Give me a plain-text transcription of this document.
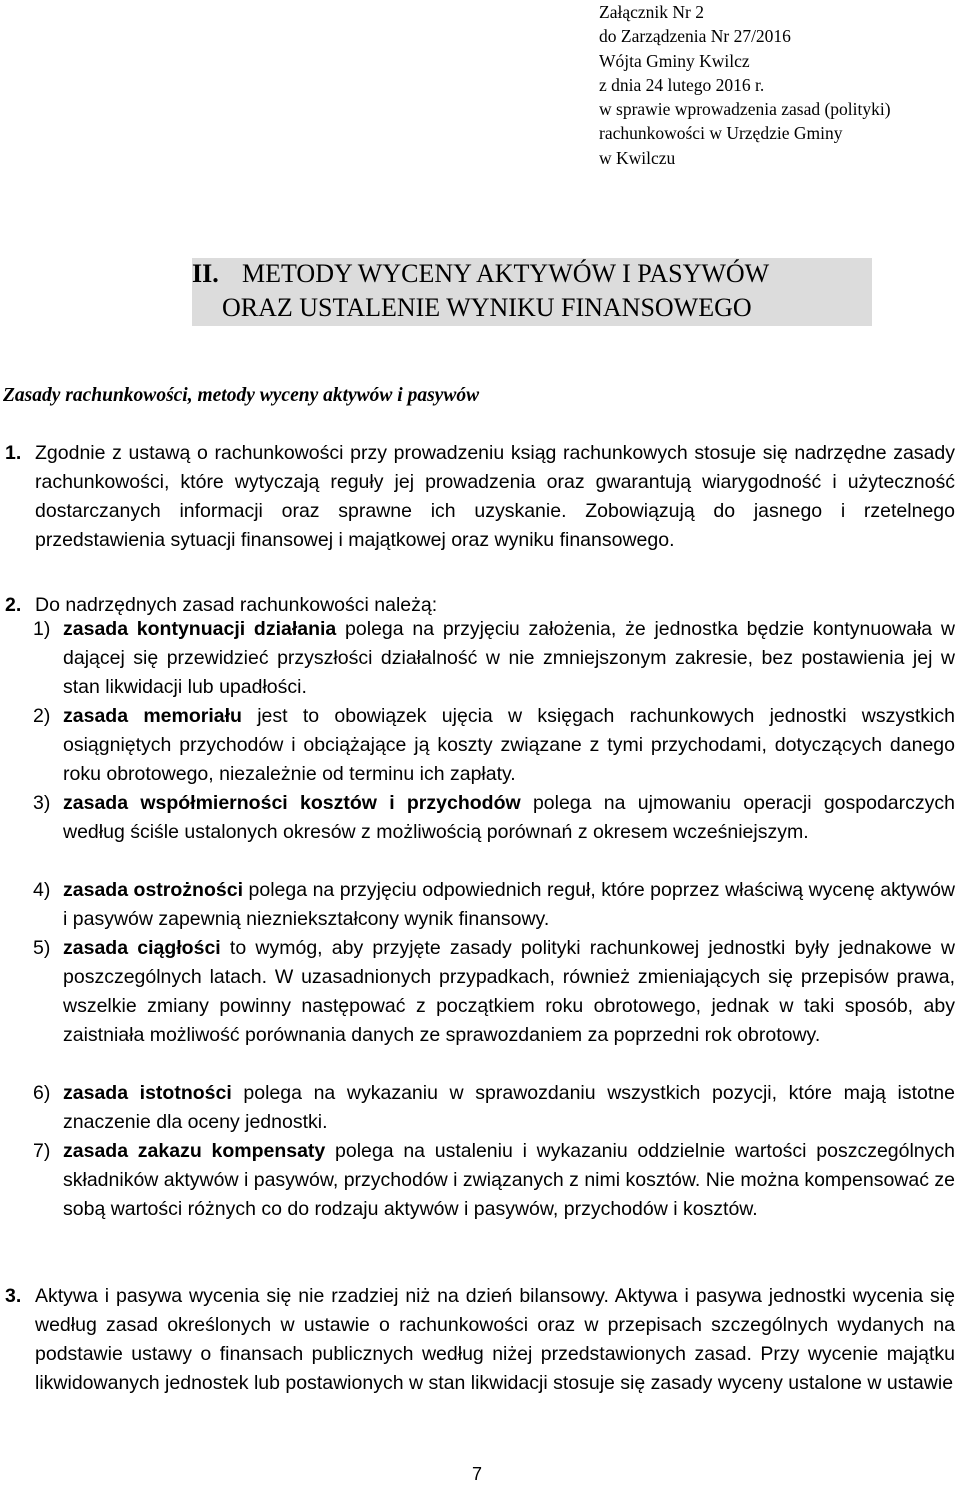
Załącznik Nr 2
do Zarządzenia Nr 27/2016
Wójta Gminy Kwilcz
z dnia 24 lutego 2016 r.
w sprawie wprowadzenia zasad (polityki)
rachunkowości w Urzędzie Gminy
w Kwilczu
II. METODY WYCENY AKTYWÓW I PASYWÓW
ORAZ USTALENIE WYNIKU FINANSOWEGO
Zasady rachunkowości, metody wyceny aktywów i pasywów
1. Zgodnie z ustawą o rachunkowości przy prowadzeniu ksiąg rachunkowych stosuje się nadrzędne zasady rachunkowości, które wytyczają reguły jej prowadzenia oraz gwarantują wiarygodność i użyteczność dostarczanych informacji oraz sprawne ich uzyskanie. Zobowiązują do jasnego i rzetelnego przedstawienia sytuacji finansowej i majątkowej oraz wyniku finansowego.
2. Do nadrzędnych zasad rachunkowości należą:
1) zasada kontynuacji działania polega na przyjęciu założenia, że jednostka będzie kontynuowała w dającej się przewidzieć przyszłości działalność w nie zmniejszonym zakresie, bez postawienia jej w stan likwidacji lub upadłości.
2) zasada memoriału jest to obowiązek ujęcia w księgach rachunkowych jednostki wszystkich osiągniętych przychodów i obciążające ją koszty związane z tymi przychodami, dotyczących danego roku obrotowego, niezależnie od terminu ich zapłaty.
3) zasada współmierności kosztów i przychodów polega na ujmowaniu operacji gospodarczych według ściśle ustalonych okresów z możliwością porównań z okresem wcześniejszym.
4) zasada ostrożności polega na przyjęciu odpowiednich reguł, które poprzez właściwą wycenę aktywów i pasywów zapewnią niezniekształcony wynik finansowy.
5) zasada ciągłości to wymóg, aby przyjęte zasady polityki rachunkowej jednostki były jednakowe w poszczególnych latach. W uzasadnionych przypadkach, również zmieniających się przepisów prawa, wszelkie zmiany powinny następować z początkiem roku obrotowego, jednak w taki sposób, aby zaistniała możliwość porównania danych ze sprawozdaniem za poprzedni rok obrotowy.
6) zasada istotności polega na wykazaniu w sprawozdaniu wszystkich pozycji, które mają istotne znaczenie dla oceny jednostki.
7) zasada zakazu kompensaty polega na ustaleniu i wykazaniu oddzielnie wartości poszczególnych składników aktywów i pasywów, przychodów i związanych z nimi kosztów. Nie można kompensować ze sobą wartości różnych co do rodzaju aktywów i pasywów, przychodów i kosztów.
3. Aktywa i pasywa wycenia się nie rzadziej niż na dzień bilansowy. Aktywa i pasywa jednostki wycenia się według zasad określonych w ustawie o rachunkowości oraz w przepisach szczególnych wydanych na podstawie ustawy o finansach publicznych według niżej przedstawionych zasad. Przy wycenie majątku likwidowanych jednostek lub postawionych w stan likwidacji stosuje się zasady wyceny ustalone w ustawie
7
